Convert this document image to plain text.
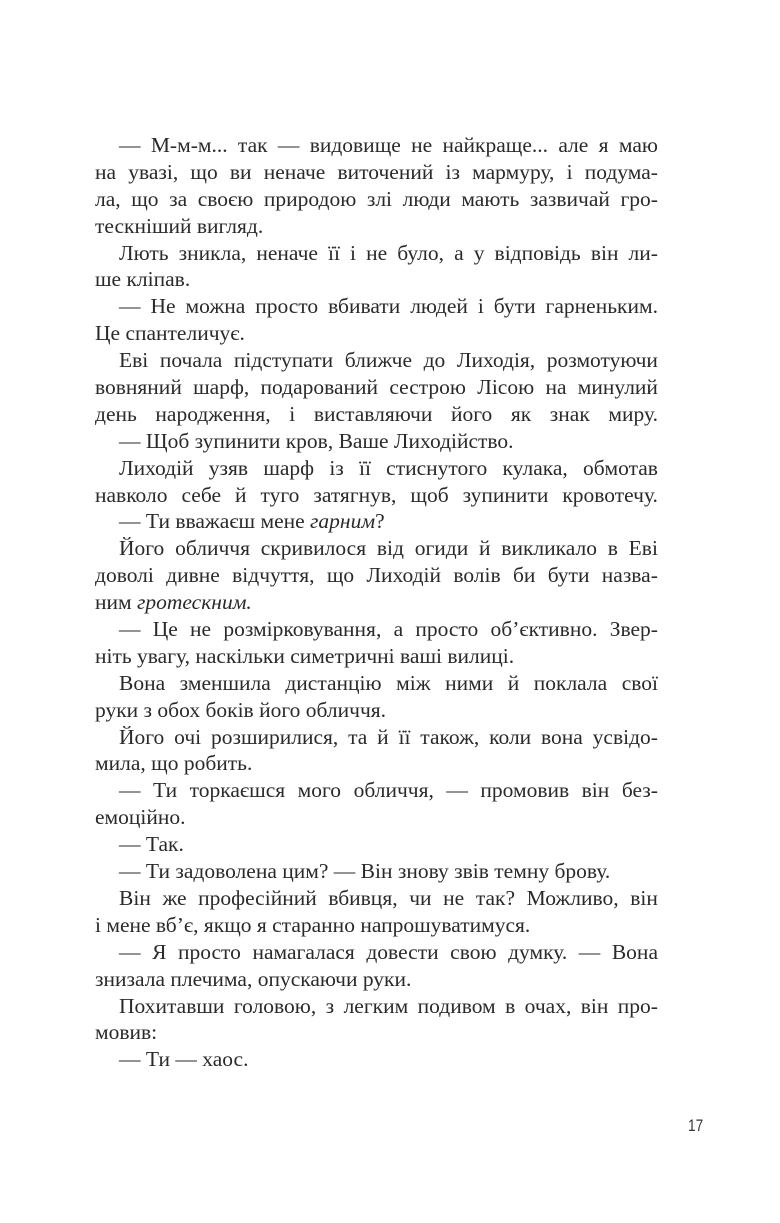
— М-м-м... так — видовище не найкраще... але я маю
на увазі, що ви неначе виточений із мармуру, і подума-
ла, що за своєю природою злі люди мають зазвичай гро-
тескніший вигляд.
Лють зникла, неначе її і не було, а у відповідь він ли-
ше кліпав.
— Не можна просто вбивати людей і бути гарненьким.
Це спантеличує.
Еві почала підступати ближче до Лиходія, розмотуючи
вовняний шарф, подарований сестрою Лісою на минулий
день народження, і виставляючи його як знак миру.
— Щоб зупинити кров, Ваше Лиходійство.
Лиходій узяв шарф із її стиснутого кулака, обмотав
навколо себе й туго затягнув, щоб зупинити кровотечу.
— Ти вважаєш мене гарним ?
Його обличчя скривилося від огиди й викликало в Еві
доволі дивне відчуття, що Лиходій волів би бути назва-
ним гротескним.
— Це не розмірковування, а просто об’єктивно. Звер-
ніть увагу, наскільки симетричні ваші вилиці.
Вона зменшила дистанцію між ними й поклала свої
руки з обох боків його обличчя.
Його очі розширилися, та й її також, коли вона усвідо-
мила, що робить.
— Ти торкаєшся мого обличчя, — промовив він без-
емоційно.
— Так.
— Ти задоволена цим? — Він знову звів темну брову.
Він же професійний вбивця, чи не так? Можливо, він
і мене вб’є, якщо я старанно напрошуватимуся.
— Я просто намагалася довести свою думку. — Вона
знизала плечима, опускаючи руки.
Похитавши головою, з легким подивом в очах, він про-
мовив:
— Ти — хаос.
17
